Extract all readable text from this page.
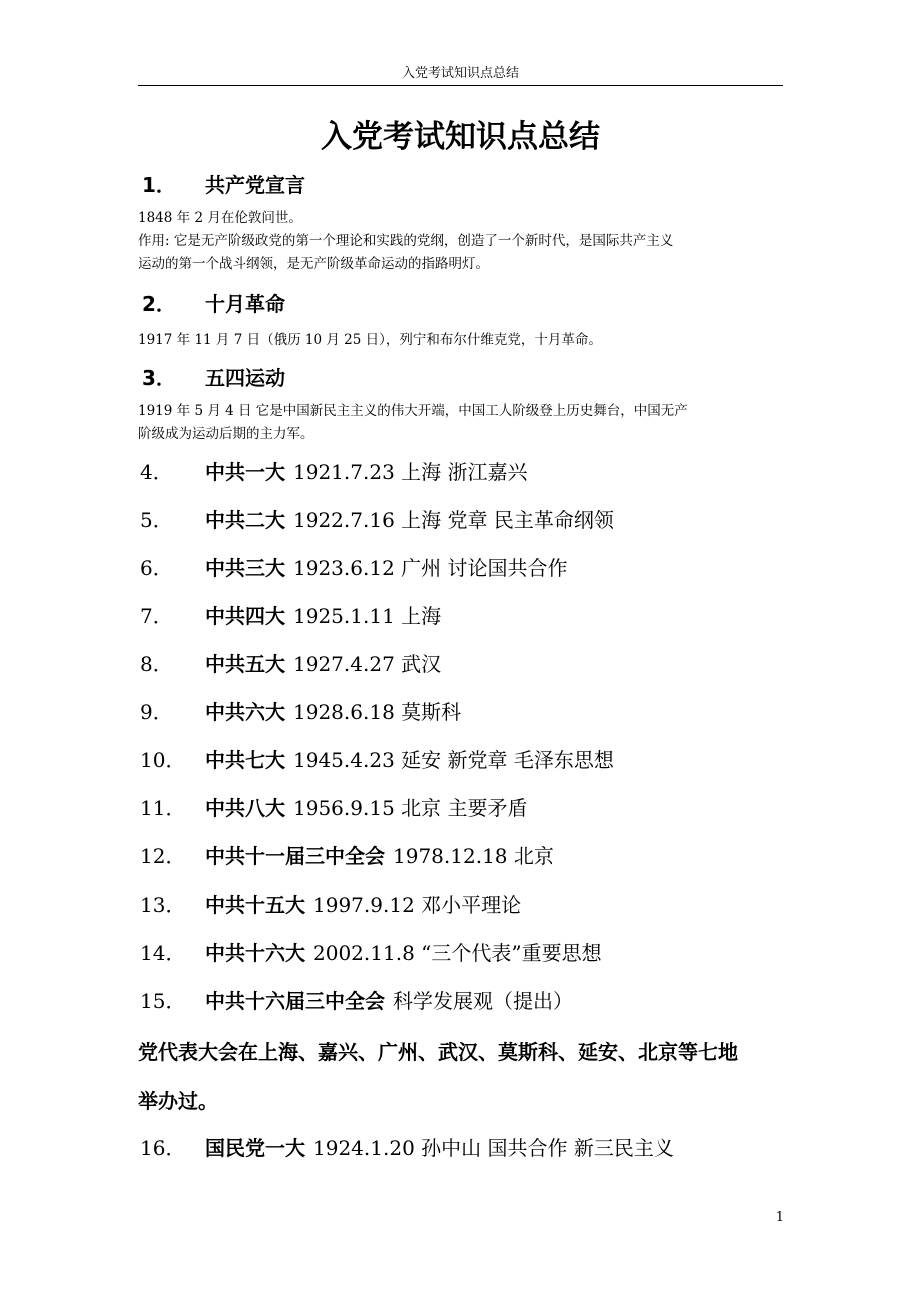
入党考试知识点总结
入党考试知识点总结
1． 共产党宣言

1848 年 2 月在伦敦问世。
作用: 它是无产阶级政党的第一个理论和实践的党纲，创造了一个新时代，是国际共产主义
运动的第一个战斗纲领，是无产阶级革命运动的指路明灯。

2． 十月革命

1917 年 11 月 7 日（俄历 10 月 25 日），列宁和布尔什维克党，十月革命。

3． 五四运动

1919 年 5 月 4 日 它是中国新民主主义的伟大开端，中国工人阶级登上历史舞台，中国无产
阶级成为运动后期的主力军。

4． 中共一大 1921.7.23 上海 浙江嘉兴
5． 中共二大 1922.7.16 上海 党章 民主革命纲领
6． 中共三大 1923.6.12 广州 讨论国共合作
7． 中共四大 1925.1.11 上海
8． 中共五大 1927.4.27 武汉
9． 中共六大 1928.6.18 莫斯科
10． 中共七大 1945.4.23 延安 新党章 毛泽东思想
11． 中共八大 1956.9.15 北京 主要矛盾
12． 中共十一届三中全会 1978.12.18 北京
13． 中共十五大 1997.9.12 邓小平理论
14． 中共十六大 2002.11.8 “三个代表”重要思想
15． 中共十六届三中全会 科学发展观（提出）
党代表大会在上海、嘉兴、广州、武汉、莫斯科、延安、北京等七地
举办过。
16． 国民党一大 1924.1.20 孙中山 国共合作 新三民主义
1
